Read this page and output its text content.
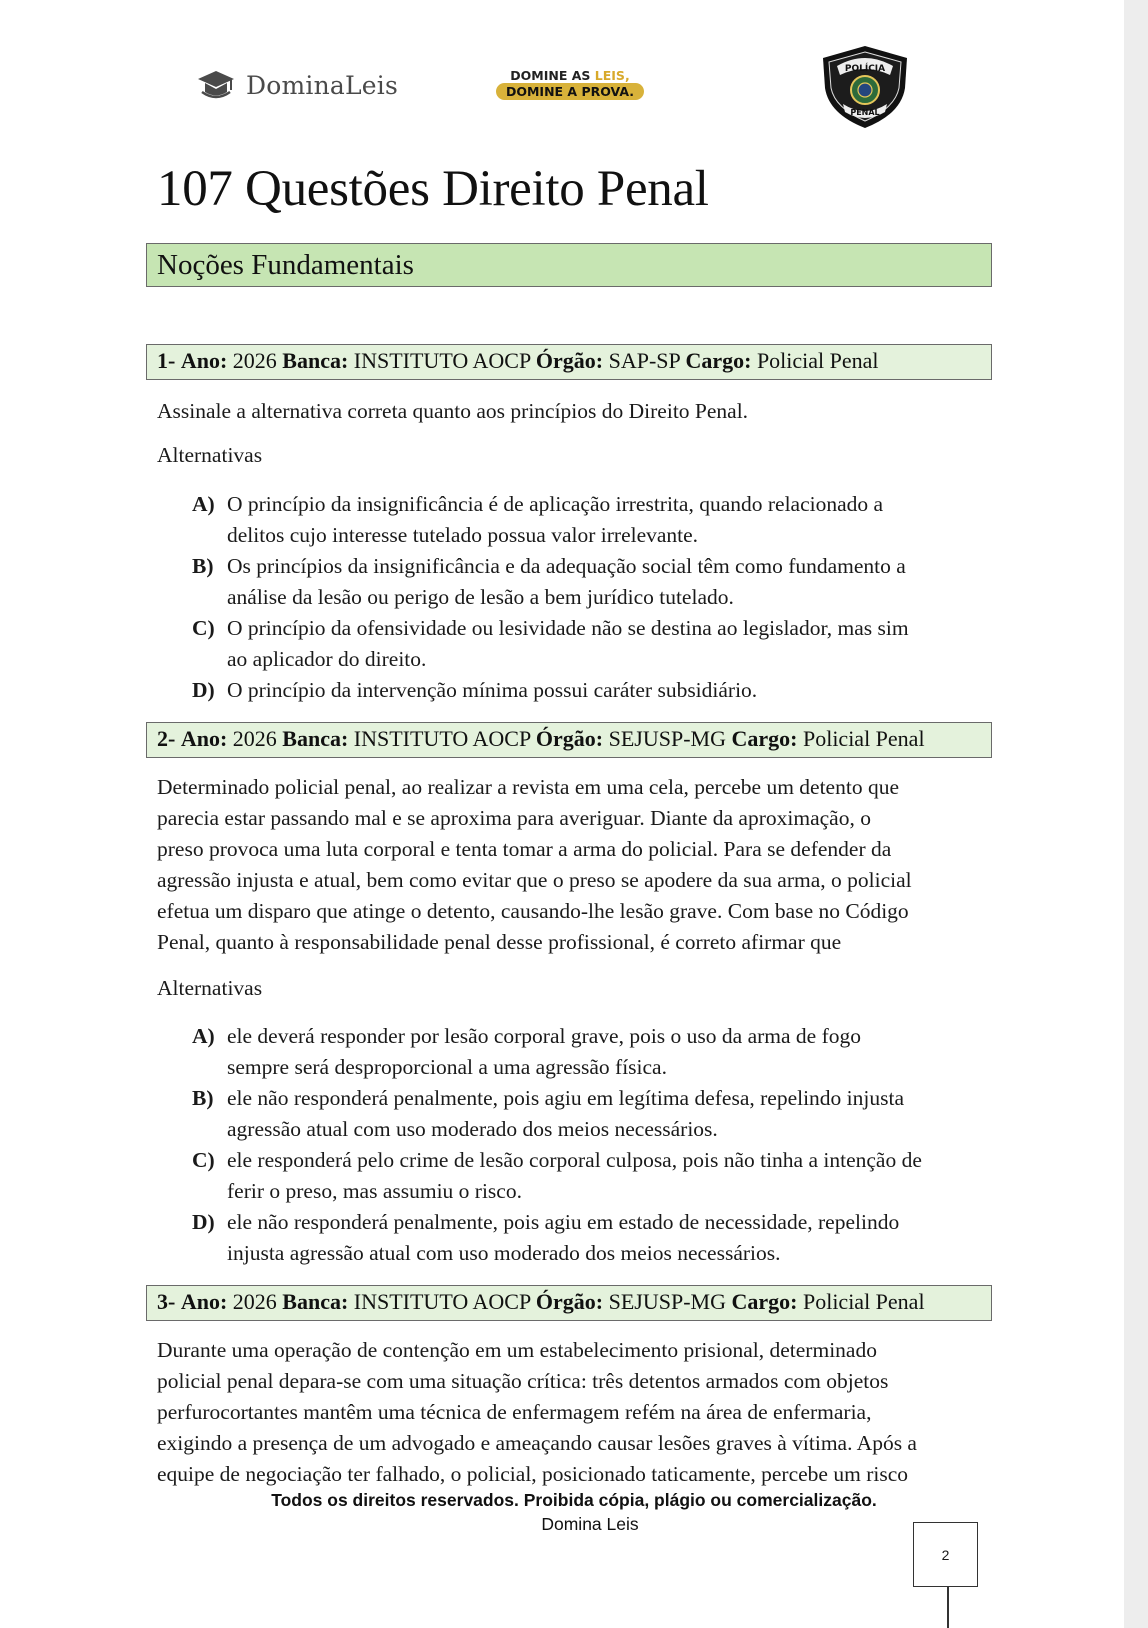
DominaLeis	DOMINE AS LEIS,
DOMINE A PROVA.
POLÍCIA
PENAL
107 Questões Direito Penal
Noções Fundamentais
1- Ano: 2026 Banca: INSTITUTO AOCP Órgão: SAP-SP Cargo: Policial Penal
Assinale a alternativa correta quanto aos princípios do Direito Penal.
Alternativas
A) O princípio da insignificância é de aplicação irrestrita, quando relacionado a
delitos cujo interesse tutelado possua valor irrelevante.
B) Os princípios da insignificância e da adequação social têm como fundamento a
análise da lesão ou perigo de lesão a bem jurídico tutelado.
C) O princípio da ofensividade ou lesividade não se destina ao legislador, mas sim
ao aplicador do direito.
D) O princípio da intervenção mínima possui caráter subsidiário.
2- Ano: 2026 Banca: INSTITUTO AOCP Órgão: SEJUSP-MG Cargo: Policial Penal
Determinado policial penal, ao realizar a revista em uma cela, percebe um detento que
parecia estar passando mal e se aproxima para averiguar. Diante da aproximação, o
preso provoca uma luta corporal e tenta tomar a arma do policial. Para se defender da
agressão injusta e atual, bem como evitar que o preso se apodere da sua arma, o policial
efetua um disparo que atinge o detento, causando-lhe lesão grave. Com base no Código
Penal, quanto à responsabilidade penal desse profissional, é correto afirmar que
Alternativas
A) ele deverá responder por lesão corporal grave, pois o uso da arma de fogo
sempre será desproporcional a uma agressão física.
B) ele não responderá penalmente, pois agiu em legítima defesa, repelindo injusta
agressão atual com uso moderado dos meios necessários.
C) ele responderá pelo crime de lesão corporal culposa, pois não tinha a intenção de
ferir o preso, mas assumiu o risco.
D) ele não responderá penalmente, pois agiu em estado de necessidade, repelindo
injusta agressão atual com uso moderado dos meios necessários.
3- Ano: 2026 Banca: INSTITUTO AOCP Órgão: SEJUSP-MG Cargo: Policial Penal
Durante uma operação de contenção em um estabelecimento prisional, determinado
policial penal depara-se com uma situação crítica: três detentos armados com objetos
perfurocortantes mantêm uma técnica de enfermagem refém na área de enfermaria,
exigindo a presença de um advogado e ameaçando causar lesões graves à vítima. Após a
equipe de negociação ter falhado, o policial, posicionado taticamente, percebe um risco
Todos os direitos reservados. Proibida cópia, plágio ou comercialização.
Domina Leis
2
